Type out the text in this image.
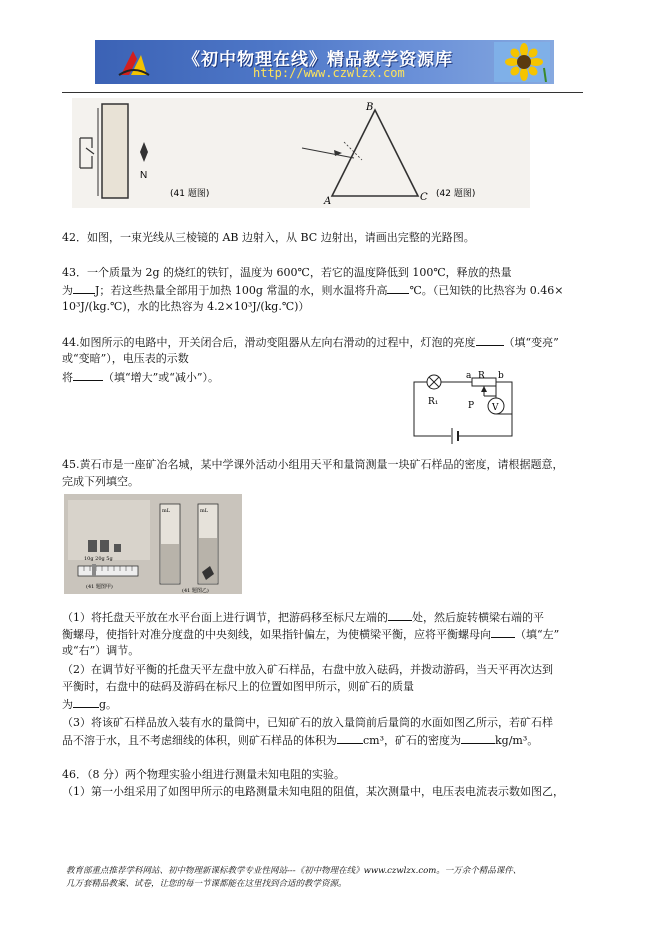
《初中物理在线》精品教学资源库
http://www.czwlzx.com
N
(41 题图)
B
A	C (42 题图)
42．如图，一束光线从三棱镜的 AB 边射入，从 BC 边射出，请画出完整的光路图。
43．一个质量为 2g 的烧红的铁钉，温度为 600℃，若它的温度降低到 100℃，释放的热量
为 J；若这些热量全部用于加热 100g 常温的水，则水温将升高 ℃。（已知铁的比热容为 0.46×
10³J/(kg.℃)，水的比热容为 4.2×10³J/(kg.℃)）
44.如图所示的电路中，开关闭合后，滑动变阻器从左向右滑动的过程中，灯泡的亮度	（填“变亮”
或“变暗”），电压表的示数
将	（填“增大”或“减小”）。	a R b
R₁	P V
45.黄石市是一座矿冶名城，某中学课外活动小组用天平和量筒测量一块矿石样品的密度，请根据题意，
完成下列填空。
10g 20g 5g
(41 题图甲)
mL	mL
(41 题图乙)
（1）将托盘天平放在水平台面上进行调节，把游码移至标尺左端的 处，然后旋转横梁右端的平
衡螺母，使指针对准分度盘的中央刻线，如果指针偏左，为使横梁平衡，应将平衡螺母向 （填“左”
或“右”）调节。
（2）在调节好平衡的托盘天平左盘中放入矿石样品，右盘中放入砝码，并拨动游码，当天平再次达到
平衡时，右盘中的砝码及游码在标尺上的位置如图甲所示，则矿石的质量
为 g。
（3）将该矿石样品放入装有水的量筒中，已知矿石的放入量筒前后量筒的水面如图乙所示，若矿石样
品不溶于水，且不考虑细线的体积，则矿石样品的体积为 cm³，矿石的密度为	kg/m³。
46．（8 分）两个物理实验小组进行测量未知电阻的实验。
（1）第一小组采用了如图甲所示的电路测量未知电阻的阻值，某次测量中，电压表电流表示数如图乙，
教育部重点推荐学科网站、初中物理新课标教学专业性网站---《初中物理在线》www.czwlzx.com。一万余个精品课件、
几万套精品教案、试卷，让您的每一节课都能在这里找到合适的教学资源。
